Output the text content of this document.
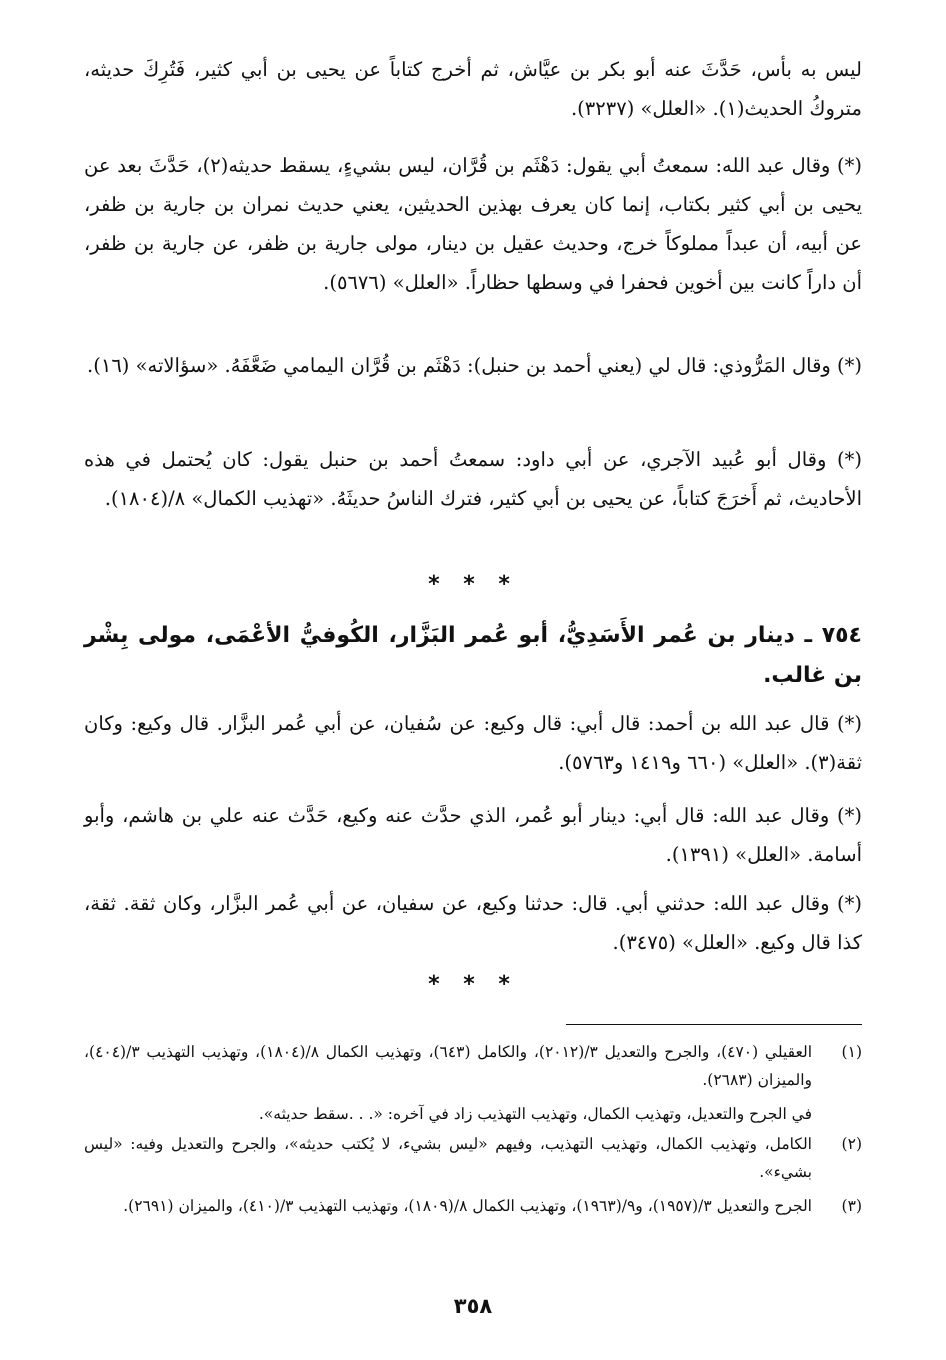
ليس به بأس، حَدَّثَ عنه أبو بكر بن عيَّاش، ثم أخرج كتاباً عن يحيى بن أبي كثير، فَتُرِكَ حديثه، متروكُ الحديث(١). «العلل» (٣٢٣٧).

(*) وقال عبد الله: سمعتُ أبي يقول: دَهْثَم بن قُرَّان، ليس بشيءٍ، يسقط حديثه(٢)، حَدَّثَ بعد عن يحيى بن أبي كثير بكتاب، إنما كان يعرف بهذين الحديثين، يعني حديث نمران بن جارية بن ظفر، عن أبيه، أن عبداً مملوكاً خرج، وحديث عقيل بن دينار، مولى جارية بن ظفر، عن جارية بن ظفر، أن داراً كانت بين أخوين فحفرا في وسطها حظاراً. «العلل» (٥٦٧٦).

(*) وقال المَرُّوذي: قال لي (يعني أحمد بن حنبل): دَهْثَم بن قُرَّان اليمامي ضَعَّفَهُ. «سؤالاته» (١٦).

(*) وقال أبو عُبيد الآجري، عن أبي داود: سمعتُ أحمد بن حنبل يقول: كان يُحتمل في هذه الأحاديث، ثم أَخرَجَ كتاباً، عن يحيى بن أبي كثير، فترك الناسُ حديثَهُ. «تهذيب الكمال» ٨/(١٨٠٤).

* * *

٧٥٤ ـ دينار بن عُمر الأَسَدِيُّ، أبو عُمر البَزَّار، الكُوفيُّ الأعْمَى، مولى بِشْر بن غالب.

(*) قال عبد الله بن أحمد: قال أبي: قال وكيع: عن سُفيان، عن أبي عُمر البزَّار. قال وكيع: وكان ثقة(٣). «العلل» (٦٦٠ و١٤١٩ و٥٧٦٣).

(*) وقال عبد الله: قال أبي: دينار أبو عُمر، الذي حدَّث عنه وكيع، حَدَّث عنه علي بن هاشم، وأبو أسامة. «العلل» (١٣٩١).

(*) وقال عبد الله: حدثني أبي. قال: حدثنا وكيع، عن سفيان، عن أبي عُمر البزَّار، وكان ثقة. ثقة، كذا قال وكيع. «العلل» (٣٤٧٥).

* * *
(١)
العقيلي (٤٧٠)، والجرح والتعديل ٣/(٢٠١٢)، والكامل (٦٤٣)، وتهذيب الكمال ٨/(١٨٠٤)، وتهذيب التهذيب ٣/(٤٠٤)، والميزان (٢٦٨٣).
في الجرح والتعديل، وتهذيب الكمال، وتهذيب التهذيب زاد في آخره: «. . .سقط حديثه».
(٢)
الكامل، وتهذيب الكمال، وتهذيب التهذيب، وفيهم «ليس بشيء، لا يُكتب حديثه»، والجرح والتعديل وفيه: «ليس بشيء».
(٣)
الجرح والتعديل ٣/(١٩٥٧)، و٩/(١٩٦٣)، وتهذيب الكمال ٨/(١٨٠٩)، وتهذيب التهذيب ٣/(٤١٠)، والميزان (٢٦٩١).
٣٥٨
